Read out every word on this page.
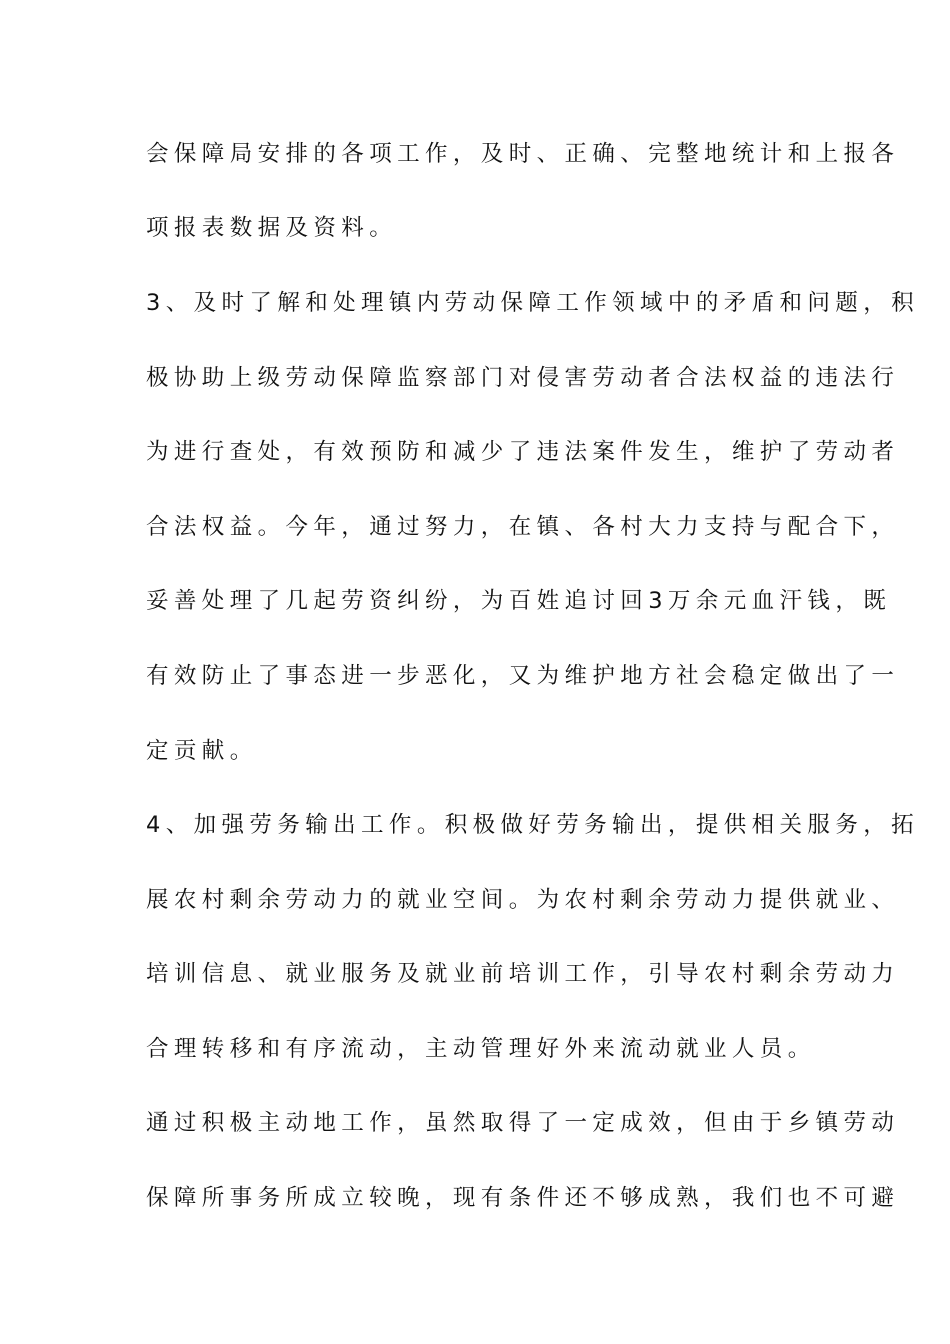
会保障局安排的各项工作，及时、正确、完整地统计和上报各
项报表数据及资料。
3、及时了解和处理镇内劳动保障工作领域中的矛盾和问题，积
极协助上级劳动保障监察部门对侵害劳动者合法权益的违法行
为进行查处，有效预防和减少了违法案件发生，维护了劳动者
合法权益。今年，通过努力，在镇、各村大力支持与配合下，
妥善处理了几起劳资纠纷，为百姓追讨回3万余元血汗钱，既
有效防止了事态进一步恶化，又为维护地方社会稳定做出了一
定贡献。
4、加强劳务输出工作。积极做好劳务输出，提供相关服务，拓
展农村剩余劳动力的就业空间。为农村剩余劳动力提供就业、
培训信息、就业服务及就业前培训工作，引导农村剩余劳动力
合理转移和有序流动，主动管理好外来流动就业人员。
通过积极主动地工作，虽然取得了一定成效，但由于乡镇劳动
保障所事务所成立较晚，现有条件还不够成熟，我们也不可避
